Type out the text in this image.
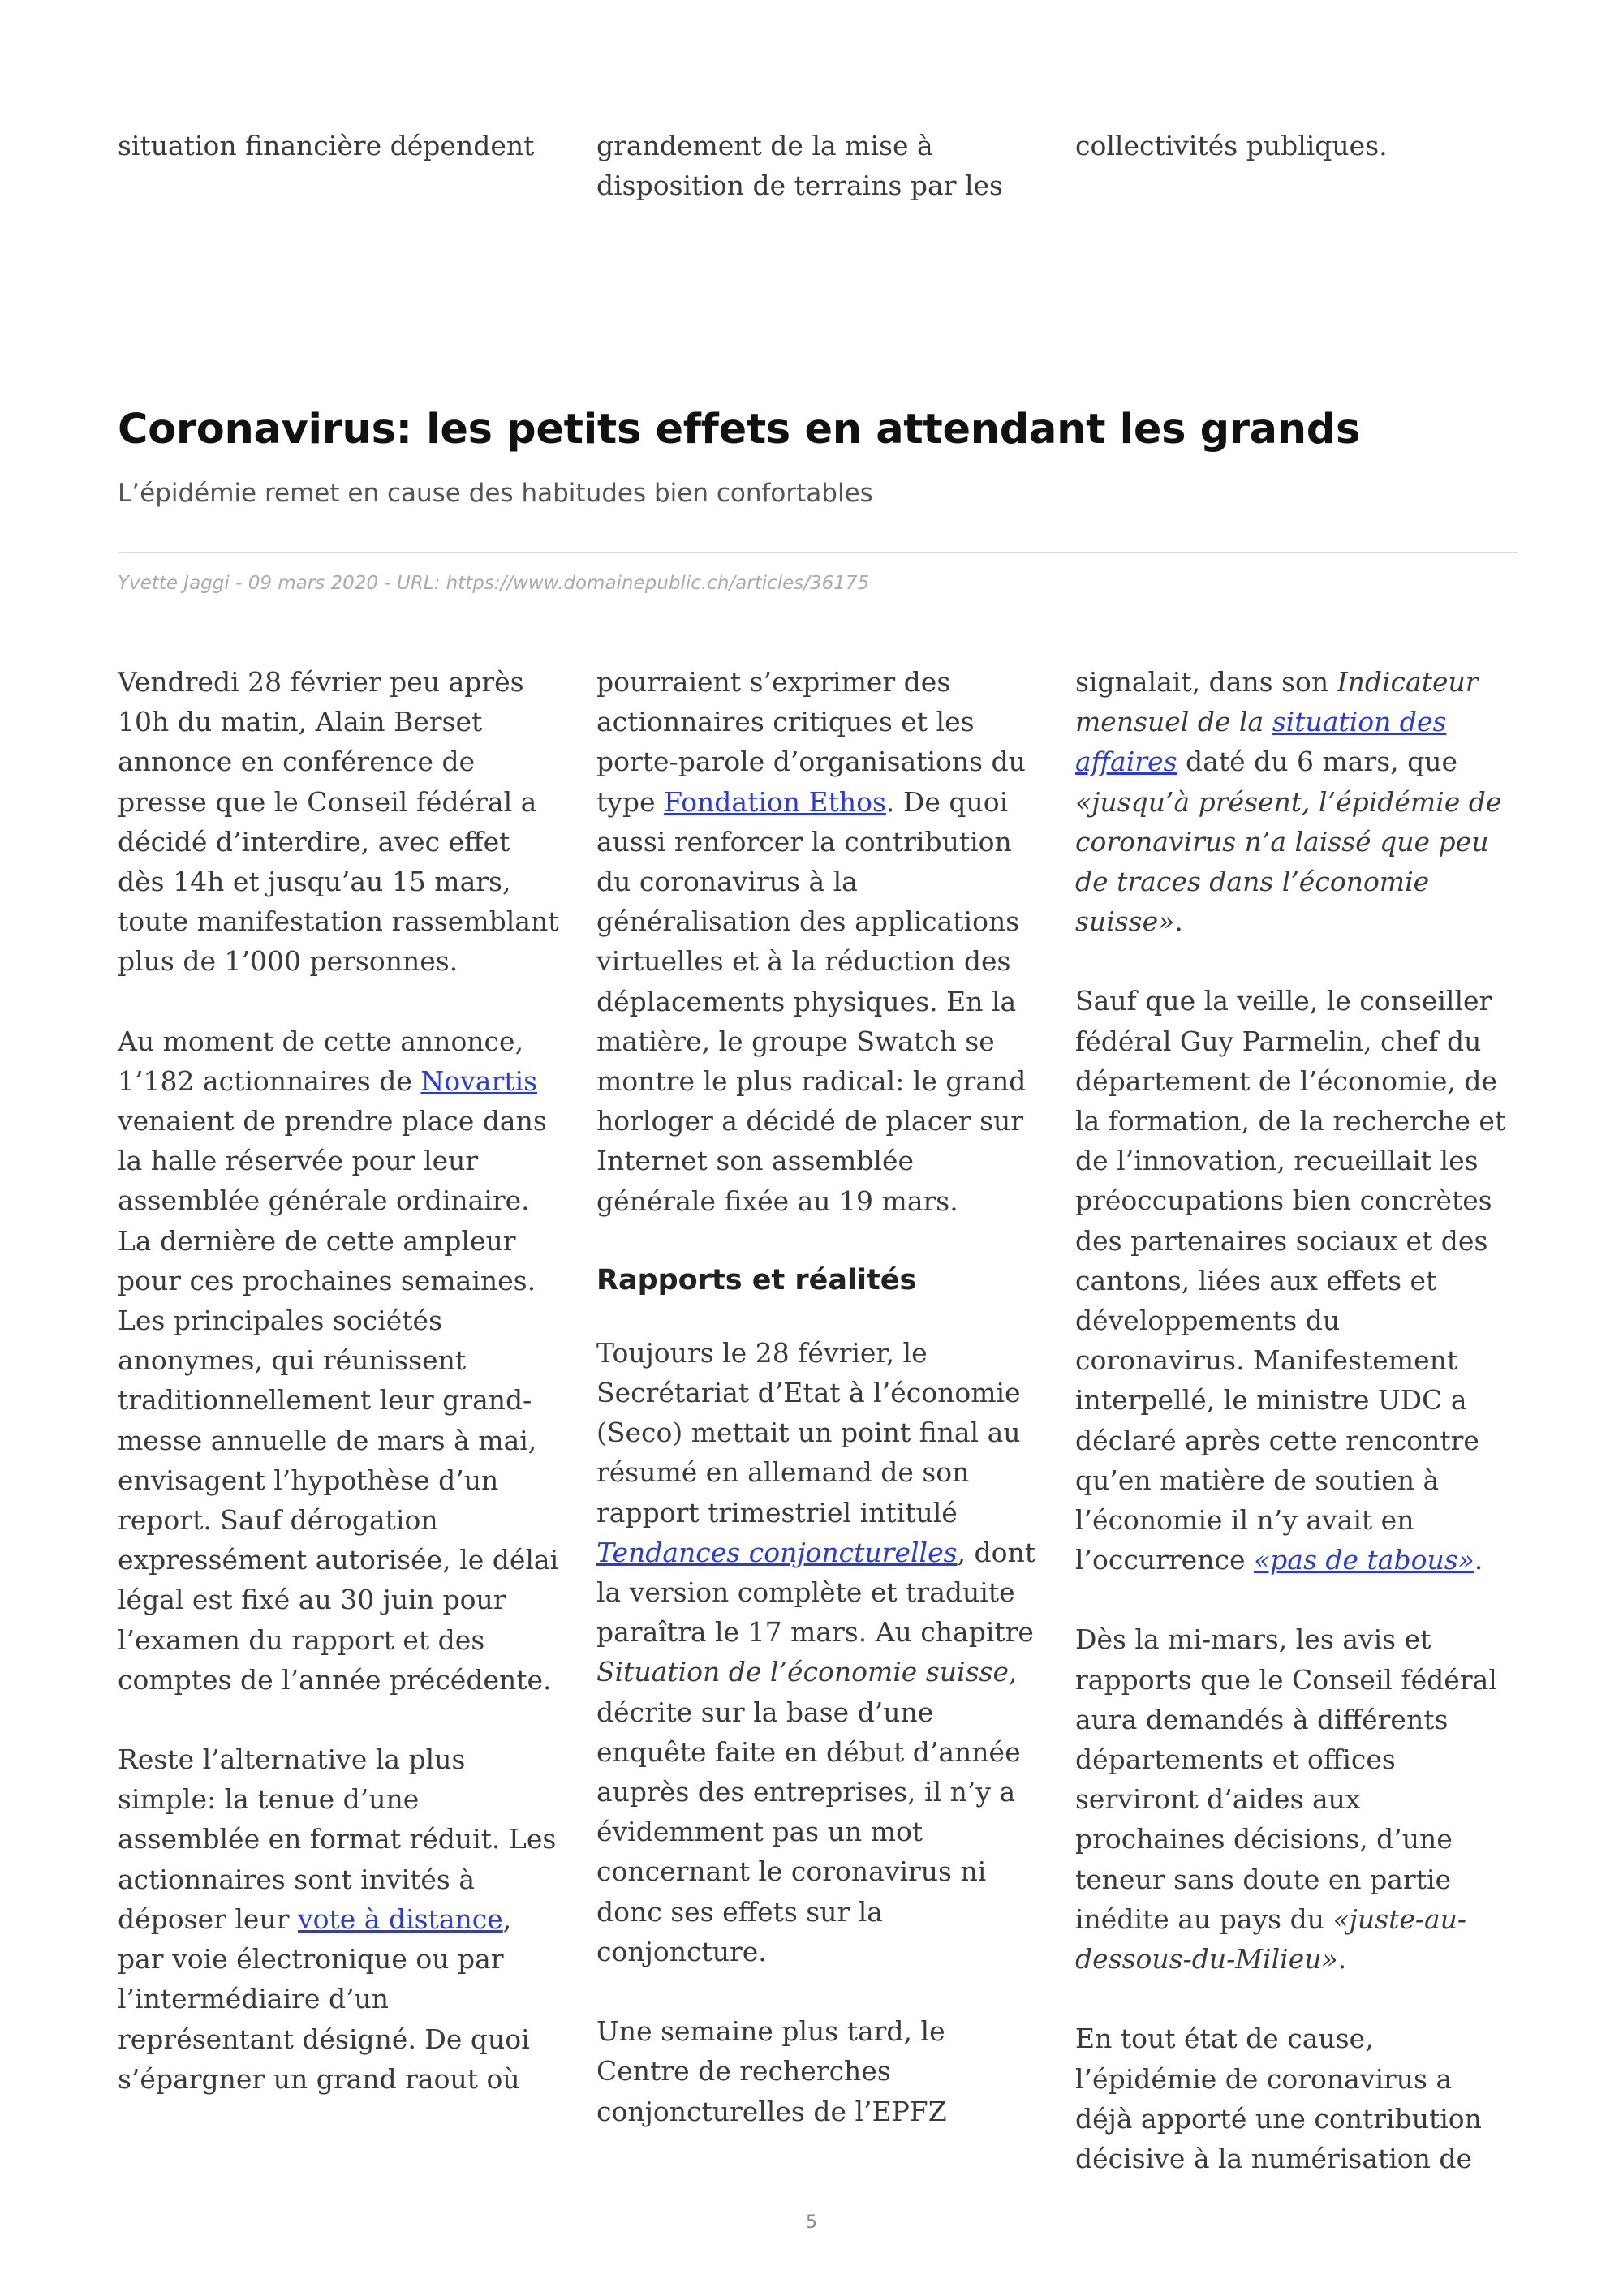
situation financière dépendent	grandement de la mise à disposition de terrains par les

collectivités publiques.

Coronavirus: les petits effets en attendant les grands
L’épidémie remet en cause des habitudes bien confortables
Yvette Jaggi - 09 mars 2020 - URL: https://www.domainepublic.ch/articles/36175

Vendredi 28 février peu après 10h du matin, Alain Berset annonce en conférence de presse que le Conseil fédéral a décidé d’interdire, avec effet dès 14h et jusqu’au 15 mars, toute manifestation rassemblant plus de 1’000 personnes.

Au moment de cette annonce, 1’182 actionnaires de Novartis venaient de prendre place dans la halle réservée pour leur assemblée générale ordinaire. La dernière de cette ampleur pour ces prochaines semaines. Les principales sociétés anonymes, qui réunissent traditionnellement leur grand-messe annuelle de mars à mai, envisagent l’hypothèse d’un report. Sauf dérogation expressément autorisée, le délai légal est fixé au 30 juin pour l’examen du rapport et des comptes de l’année précédente.

Reste l’alternative la plus simple: la tenue d’une assemblée en format réduit. Les actionnaires sont invités à déposer leur vote à distance, par voie électronique ou par l’intermédiaire d’un représentant désigné. De quoi s’épargner un grand raout où

pourraient s’exprimer des actionnaires critiques et les porte-parole d’organisations du type Fondation Ethos. De quoi aussi renforcer la contribution du coronavirus à la généralisation des applications virtuelles et à la réduction des déplacements physiques. En la matière, le groupe Swatch se montre le plus radical: le grand horloger a décidé de placer sur Internet son assemblée générale fixée au 19 mars.

Rapports et réalités

Toujours le 28 février, le Secrétariat d’Etat à l’économie (Seco) mettait un point final au résumé en allemand de son rapport trimestriel intitulé Tendances conjoncturelles, dont la version complète et traduite paraîtra le 17 mars. Au chapitre Situation de l’économie suisse, décrite sur la base d’une enquête faite en début d’année auprès des entreprises, il n’y a évidemment pas un mot concernant le coronavirus ni donc ses effets sur la conjoncture.

Une semaine plus tard, le Centre de recherches conjoncturelles de l’EPFZ

signalait, dans son Indicateur mensuel de la situation des affaires daté du 6 mars, que «jusqu’à présent, l’épidémie de coronavirus n’a laissé que peu de traces dans l’économie suisse».

Sauf que la veille, le conseiller fédéral Guy Parmelin, chef du département de l’économie, de la formation, de la recherche et de l’innovation, recueillait les préoccupations bien concrètes des partenaires sociaux et des cantons, liées aux effets et développements du coronavirus. Manifestement interpellé, le ministre UDC a déclaré après cette rencontre qu’en matière de soutien à l’économie il n’y avait en l’occurrence «pas de tabous».

Dès la mi-mars, les avis et rapports que le Conseil fédéral aura demandés à différents départements et offices serviront d’aides aux prochaines décisions, d’une teneur sans doute en partie inédite au pays du «juste-au-dessous-du-Milieu».

En tout état de cause, l’épidémie de coronavirus a déjà apporté une contribution décisive à la numérisation de

5
